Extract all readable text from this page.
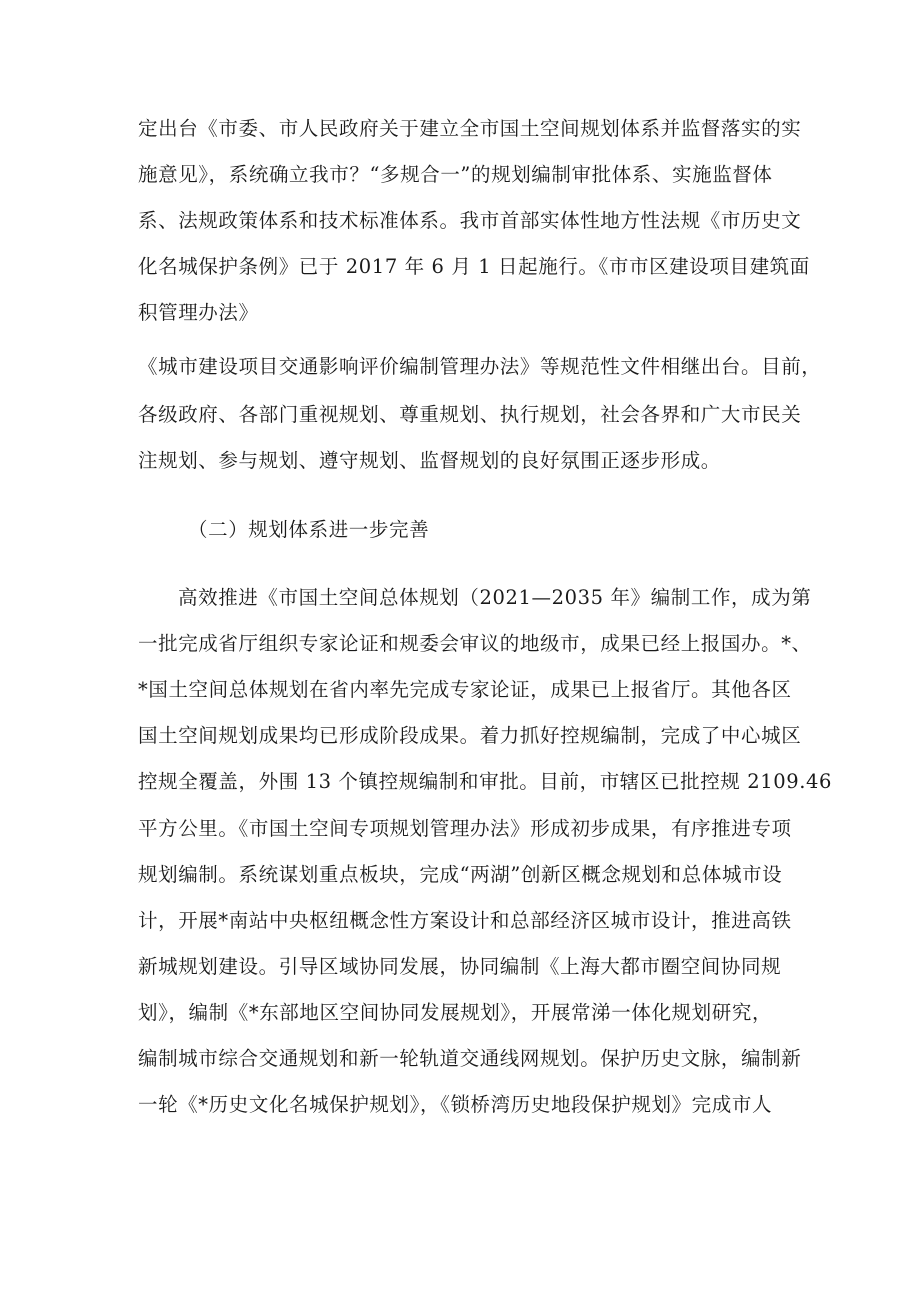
定出台《市委、市人民政府关于建立全市国土空间规划体系并监督落实的实
施意见》，系统确立我市？“多规合一”的规划编制审批体系、实施监督体
系、法规政策体系和技术标准体系。我市首部实体性地方性法规《市历史文
化名城保护条例》已于 2017 年 6 月 1 日起施行。《市市区建设项目建筑面
积管理办法》
《城市建设项目交通影响评价编制管理办法》等规范性文件相继出台。目前，
各级政府、各部门重视规划、尊重规划、执行规划，社会各界和广大市民关
注规划、参与规划、遵守规划、监督规划的良好氛围正逐步形成。
（二）规划体系进一步完善
高效推进《市国土空间总体规划（2021—2035 年》编制工作，成为第
一批完成省厅组织专家论证和规委会审议的地级市，成果已经上报国办。*、
*国土空间总体规划在省内率先完成专家论证，成果已上报省厅。其他各区
国土空间规划成果均已形成阶段成果。着力抓好控规编制，完成了中心城区
控规全覆盖，外围 13 个镇控规编制和审批。目前，市辖区已批控规 2109.46
平方公里。《市国土空间专项规划管理办法》形成初步成果，有序推进专项
规划编制。系统谋划重点板块，完成“两湖”创新区概念规划和总体城市设
计，开展*南站中央枢纽概念性方案设计和总部经济区城市设计，推进高铁
新城规划建设。引导区域协同发展，协同编制《上海大都市圈空间协同规
划》，编制《*东部地区空间协同发展规划》，开展常涕一体化规划研究，
编制城市综合交通规划和新一轮轨道交通线网规划。保护历史文脉，编制新
一轮《*历史文化名城保护规划》，《锁桥湾历史地段保护规划》完成市人
